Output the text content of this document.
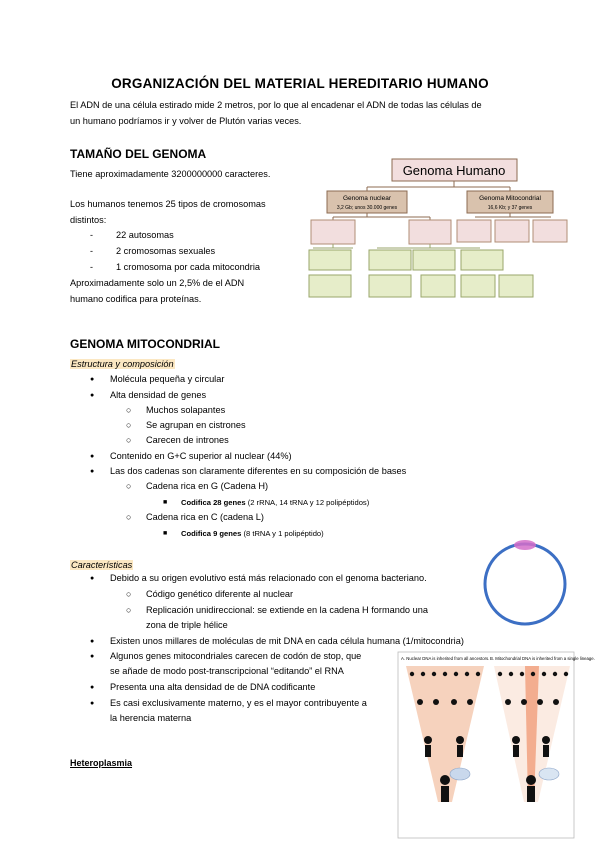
ORGANIZACIÓN DEL MATERIAL HEREDITARIO HUMANO
El ADN de una célula estirado mide 2 metros, por lo que al encadenar el ADN de todas las células de
un humano podríamos ir y volver de Plutón varias veces.
TAMAÑO DEL GENOMA
Tiene aproximadamente 3200000000 caracteres.
Los humanos tenemos 25 tipos de cromosomas
distintos:
- 22 autosomas
- 2 cromosomas sexuales
- 1 cromosoma por cada mitocondria
Aproximadamente solo un 2,5% de el ADN
humano codifica para proteínas.
Genoma Humano
Genoma nuclear
3,2 Gb; unos 30.000 genes
Genoma Mitocondrial
16,6 Kb; y 37 genes
GENOMA MITOCONDRIAL
Estructura y composición
● Molécula pequeña y circular
● Alta densidad de genes
○ Muchos solapantes
○ Se agrupan en cistrones
○ Carecen de intrones
● Contenido en G+C superior al nuclear (44%)
● Las dos cadenas son claramente diferentes en su composición de bases
○ Cadena rica en G (Cadena H)
■ Codifica 28 genes (2 rRNA, 14 tRNA y 12 polipéptidos)
○ Cadena rica en C (cadena L)
■ Codifica 9 genes (8 tRNA y 1 polipéptido)
Características
● Debido a su origen evolutivo está más relacionado con el genoma bacteriano.
○ Código genético diferente al nuclear
○ Replicación unidireccional: se extiende en la cadena H formando una
zona de triple hélice
● Existen unos millares de moléculas de mit DNA en cada célula humana (1/mitocondria)
● Algunos genes mitocondriales carecen de codón de stop, que
se añade de modo post-transcripcional “editando” el RNA
● Presenta una alta densidad de de DNA codificante
● Es casi exclusivamente materno, y es el mayor contribuyente a
la herencia materna
Heteroplasmia
A. Nuclear DNA is inherited from all ancestors. B. Mitochondrial DNA is inherited from a single lineage.
